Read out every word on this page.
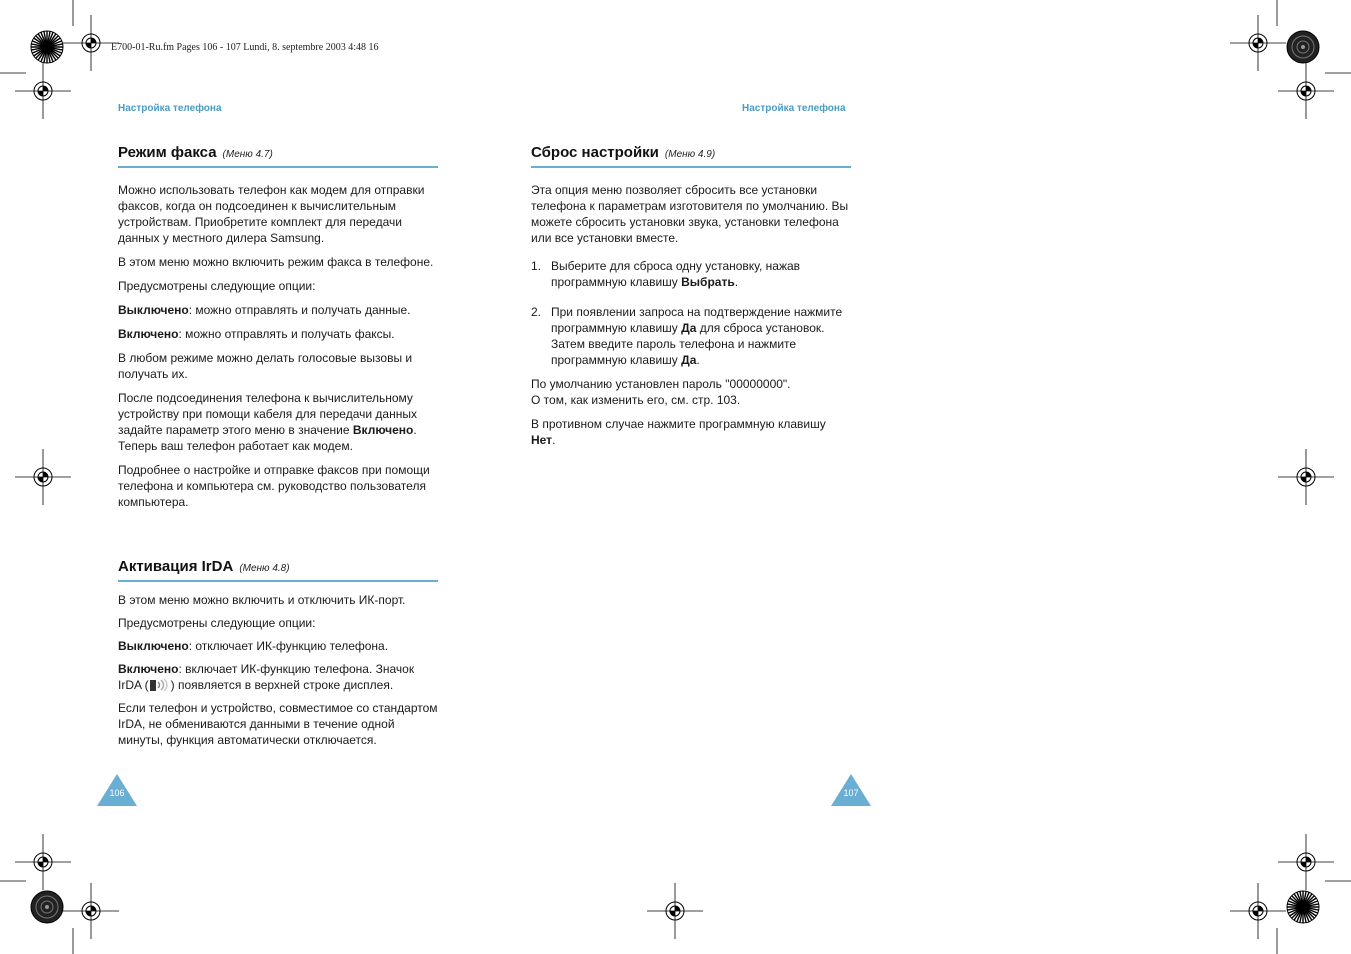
E700-01-Ru.fm Pages 106 - 107 Lundi, 8. septembre 2003 4:48 16
Настройка телефона
Режим факса (Меню 4.7)

Можно использовать телефон как модем для отправки факсов, когда он подсоединен к вычислительным устройствам. Приобретите комплект для передачи данных у местного дилера Samsung.

В этом меню можно включить режим факса в телефоне.

Предусмотрены следующие опции:

Выключено: можно отправлять и получать данные.

Включено: можно отправлять и получать факсы.

В любом режиме можно делать голосовые вызовы и получать их.

После подсоединения телефона к вычислительному устройству при помощи кабеля для передачи данных задайте параметр этого меню в значение Включено. Теперь ваш телефон работает как модем.

Подробнее о настройке и отправке факсов при помощи телефона и компьютера см. руководство пользователя компьютера.

Активация IrDA (Меню 4.8)

В этом меню можно включить и отключить ИК-порт.

Предусмотрены следующие опции:

Выключено: отключает ИК-функцию телефона.

Включено: включает ИК-функцию телефона. Значок IrDA ( ) появляется в верхней строке дисплея.

Если телефон и устройство, совместимое со стандартом IrDA, не обмениваются данными в течение одной минуты, функция автоматически отключается.

106
Настройка телефона
Сброс настройки (Меню 4.9)

Эта опция меню позволяет сбросить все установки телефона к параметрам изготовителя по умолчанию. Вы можете сбросить установки звука, установки телефона или все установки вместе.

1. Выберите для сброса одну установку, нажав программную клавишу Выбрать.
2. При появлении запроса на подтверждение нажмите программную клавишу Да для сброса установок. Затем введите пароль телефона и нажмите программную клавишу Да.

По умолчанию установлен пароль "00000000".
О том, как изменить его, см. стр. 103.

В противном случае нажмите программную клавишу Нет.

107
